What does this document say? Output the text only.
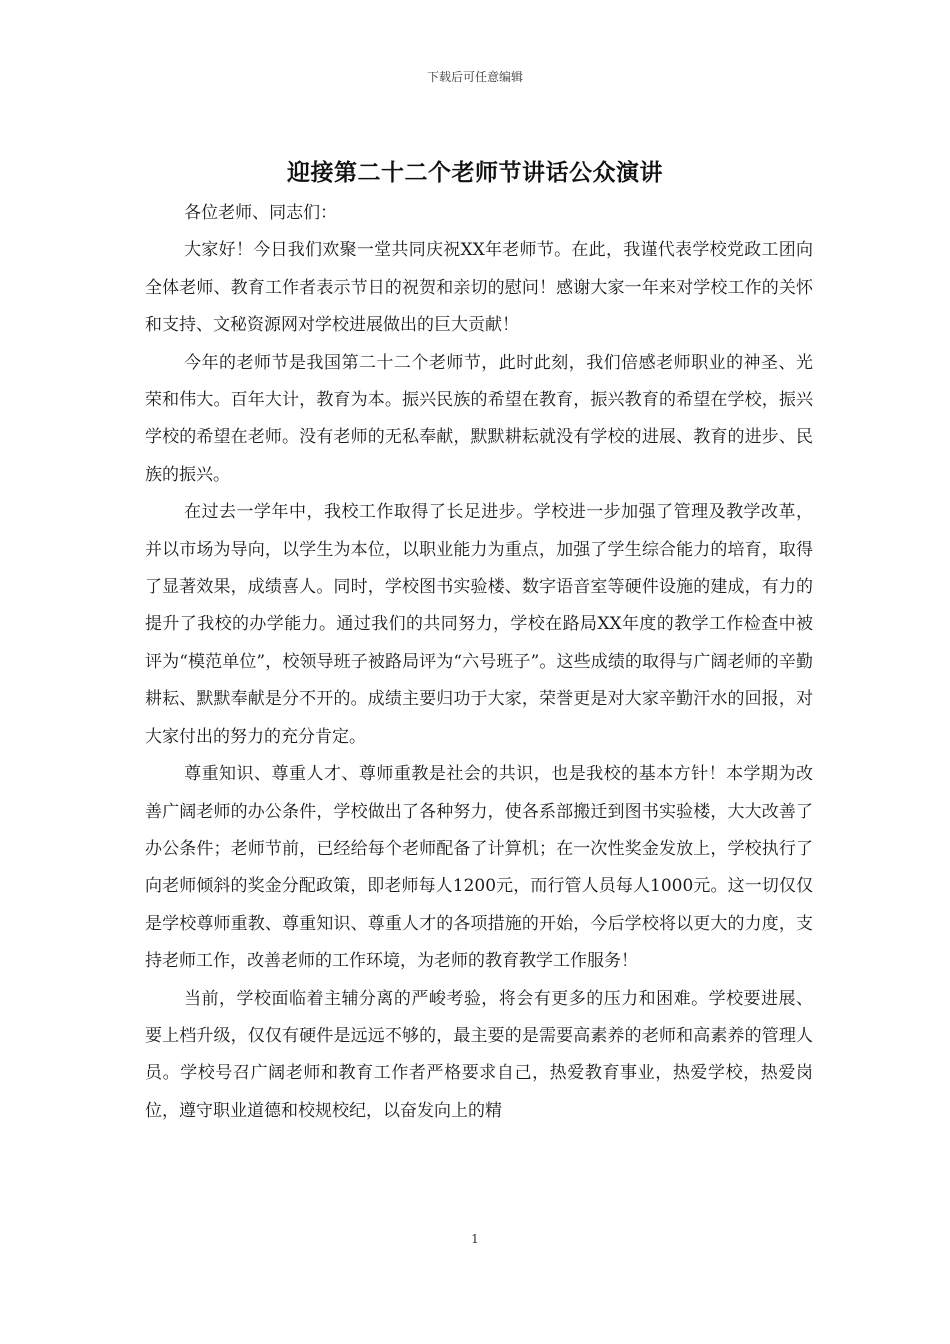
下载后可任意编辑
迎接第二十二个老师节讲话公众演讲

各位老师、同志们：

大家好！今日我们欢聚一堂共同庆祝XX年老师节。在此，我谨代表学校党政工团向全体老师、教育工作者表示节日的祝贺和亲切的慰问！感谢大家一年来对学校工作的关怀和支持、文秘资源网对学校进展做出的巨大贡献！

今年的老师节是我国第二十二个老师节，此时此刻，我们倍感老师职业的神圣、光荣和伟大。百年大计，教育为本。振兴民族的希望在教育，振兴教育的希望在学校，振兴学校的希望在老师。没有老师的无私奉献，默默耕耘就没有学校的进展、教育的进步、民族的振兴。

在过去一学年中，我校工作取得了长足进步。学校进一步加强了管理及教学改革，并以市场为导向，以学生为本位，以职业能力为重点，加强了学生综合能力的培育，取得了显著效果，成绩喜人。同时，学校图书实验楼、数字语音室等硬件设施的建成，有力的提升了我校的办学能力。通过我们的共同努力，学校在路局XX年度的教学工作检查中被评为“模范单位”，校领导班子被路局评为“六号班子”。这些成绩的取得与广阔老师的辛勤耕耘、默默奉献是分不开的。成绩主要归功于大家，荣誉更是对大家辛勤汗水的回报，对大家付出的努力的充分肯定。

尊重知识、尊重人才、尊师重教是社会的共识，也是我校的基本方针！本学期为改善广阔老师的办公条件，学校做出了各种努力，使各系部搬迁到图书实验楼，大大改善了办公条件；老师节前，已经给每个老师配备了计算机；在一次性奖金发放上，学校执行了向老师倾斜的奖金分配政策，即老师每人1200元，而行管人员每人1000元。这一切仅仅是学校尊师重教、尊重知识、尊重人才的各项措施的开始，今后学校将以更大的力度，支持老师工作，改善老师的工作环境，为老师的教育教学工作服务！

当前，学校面临着主辅分离的严峻考验，将会有更多的压力和困难。学校要进展、要上档升级，仅仅有硬件是远远不够的，最主要的是需要高素养的老师和高素养的管理人员。学校号召广阔老师和教育工作者严格要求自己，热爱教育事业，热爱学校，热爱岗位，遵守职业道德和校规校纪，以奋发向上的精

1
